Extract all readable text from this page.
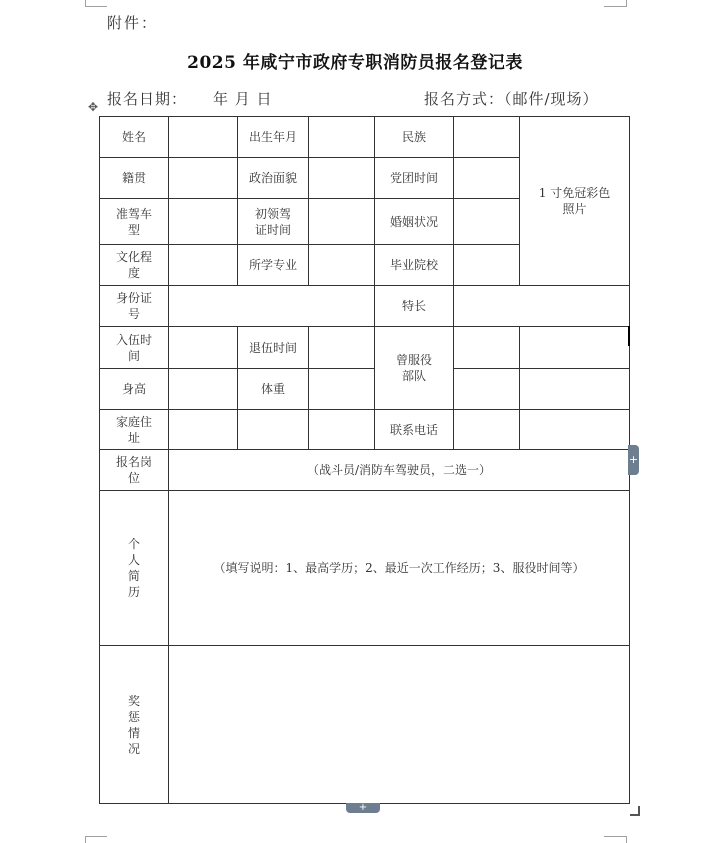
附件：
2025 年咸宁市政府专职消防员报名登记表
报名日期： 年 月 日	报名方式：（邮件/现场）
✥
姓名		出生年月		民族		1 寸免冠彩色照片
籍贯		政治面貌		党团时间		
准驾车型		初领驾证时间		婚姻状况		
文化程度		所学专业		毕业院校		
身份证号				特长		
入伍时间		退伍时间		曾服役部队		
身高		体重				
家庭住址				联系电话		
报名岗位	（战斗员/消防车驾驶员，二选一）					

个人简历	（填写说明：1、最高学历；2、最近一次工作经历；3、服役时间等）					

奖惩情况						

+
+
